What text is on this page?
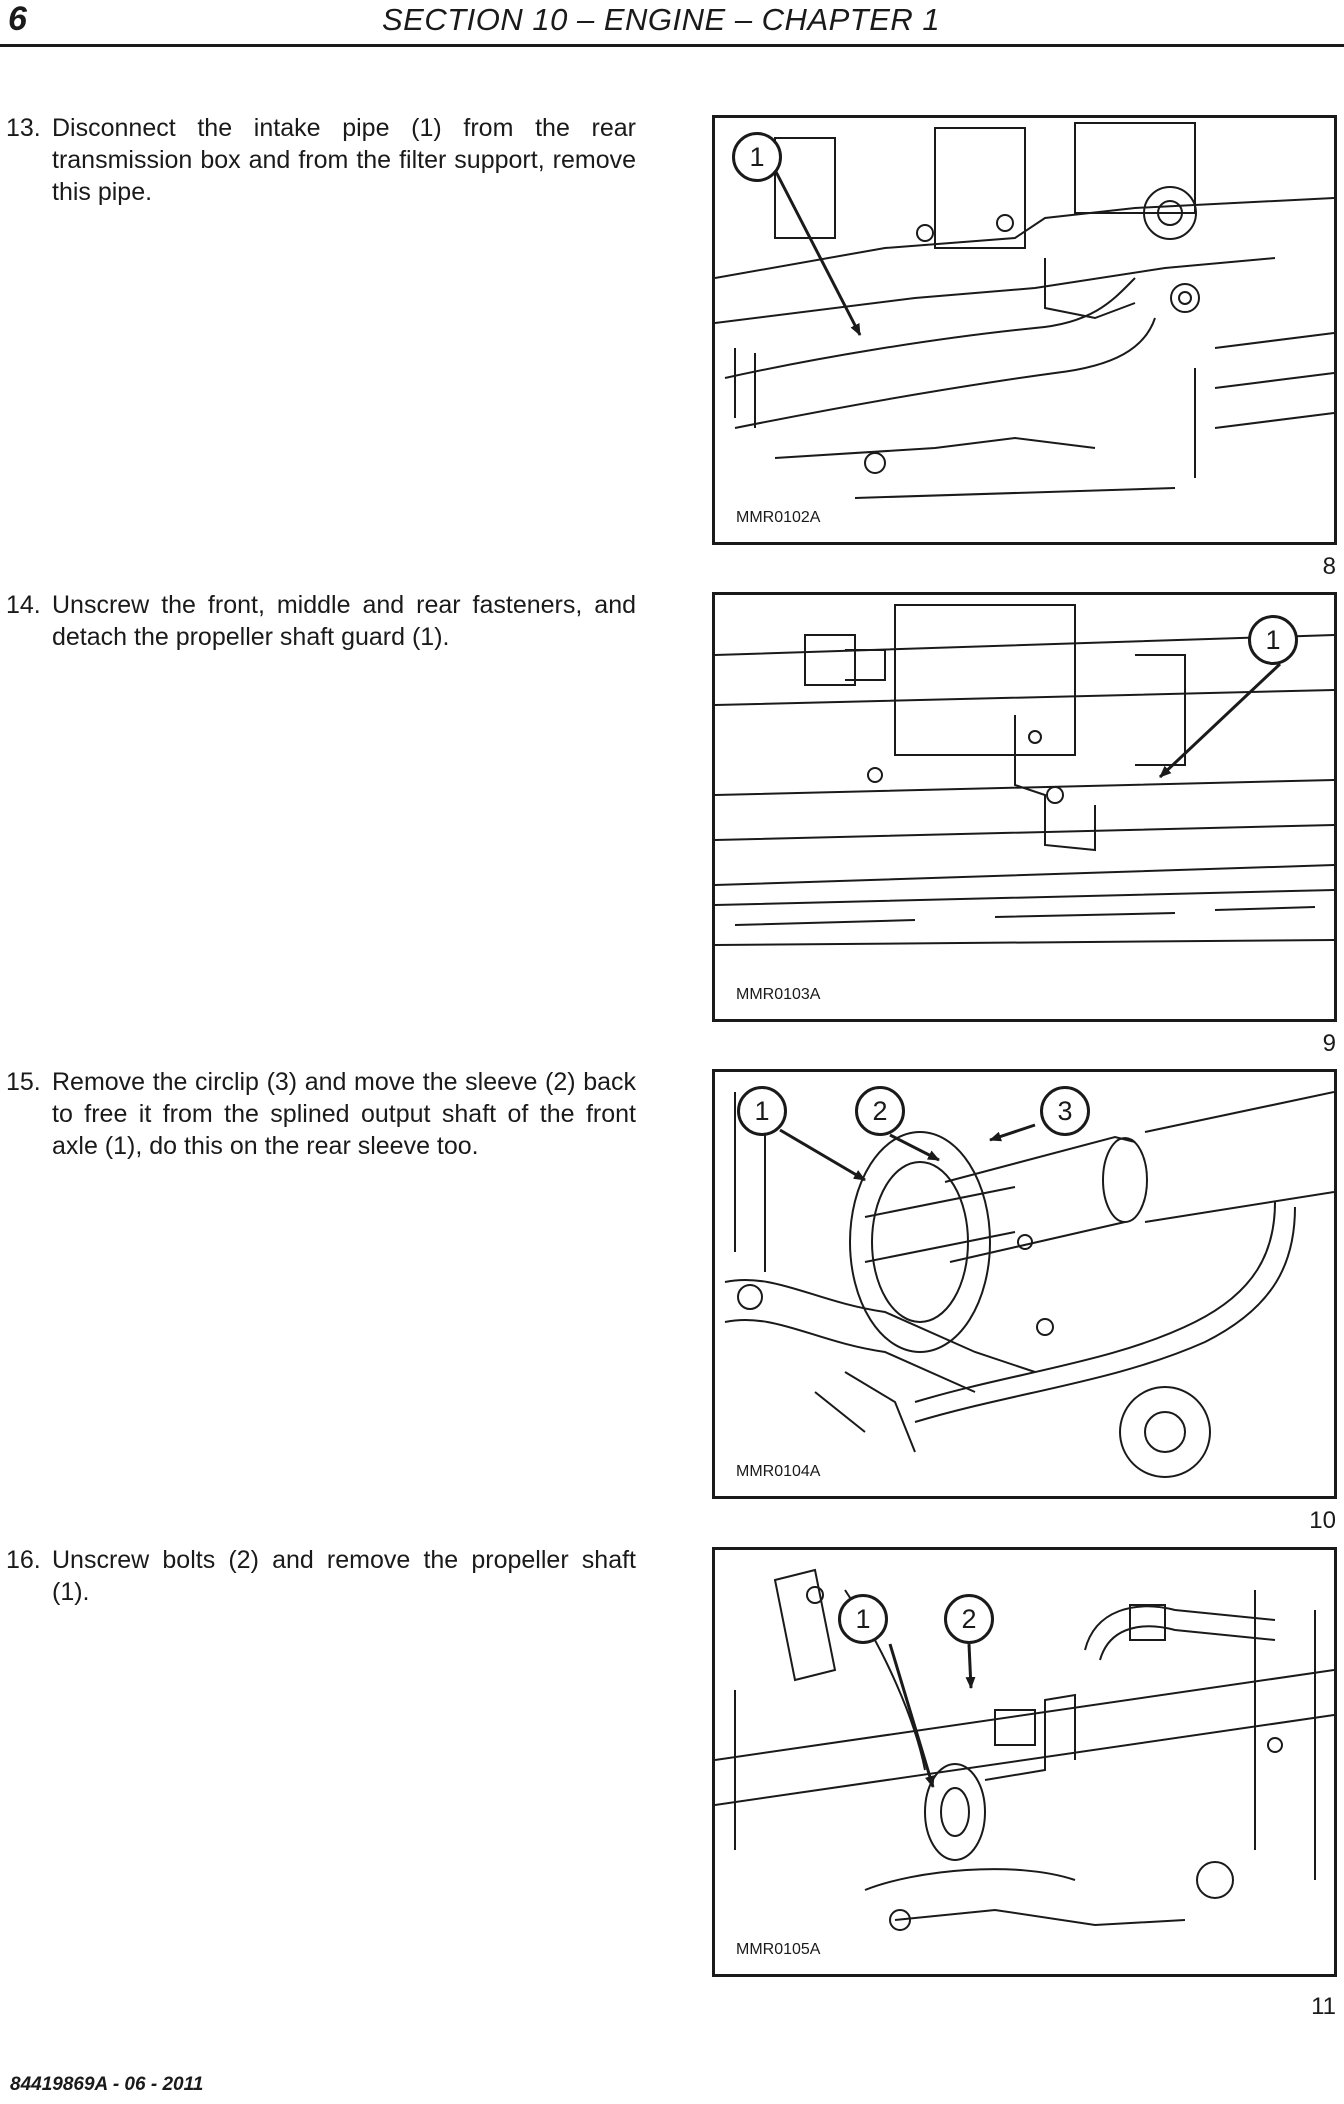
6	SECTION 10 – ENGINE – CHAPTER 1
13. Disconnect the intake pipe (1) from the rear transmission box and from the filter support, remove this pipe.
1
MMR0102A
8
14. Unscrew the front, middle and rear fasteners, and detach the propeller shaft guard (1).	1
MMR0103A
9
15. Remove the circlip (3) and move the sleeve (2) back to free it from the splined output shaft of the front axle (1), do this on the rear sleeve too.
1	2	3
MMR0104A
10
16. Unscrew bolts (2) and remove the propeller shaft (1).
1	2
MMR0105A
11
84419869A - 06 - 2011
